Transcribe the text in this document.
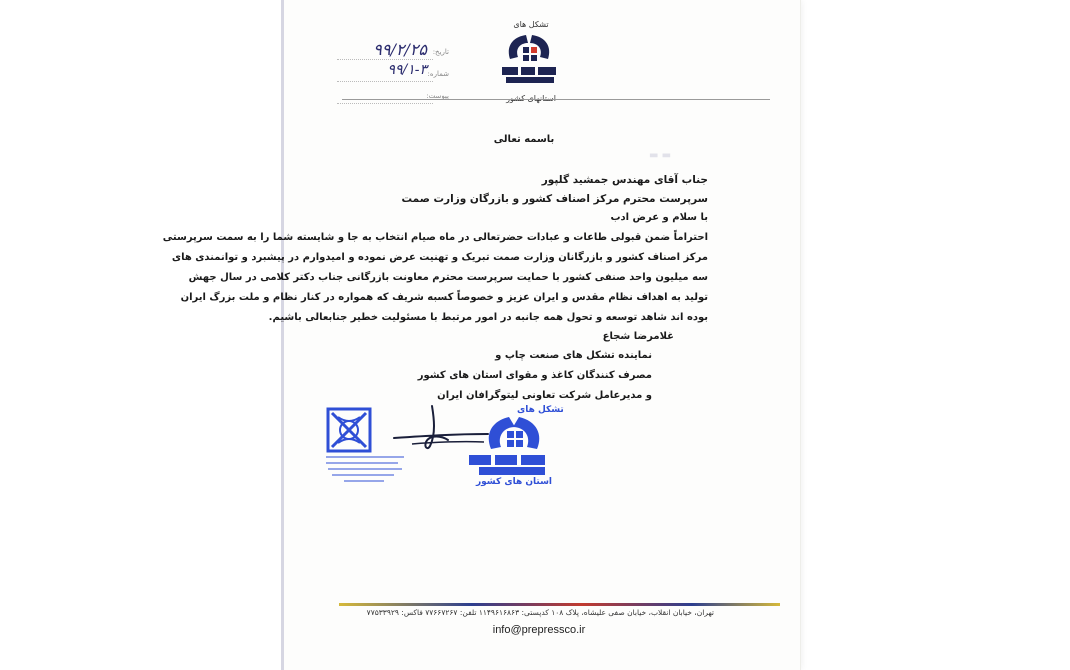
تشکل های
استانهای کشور
تاریخ:
۹۹/۲/۲۵
شماره:
۹۹/۱-۳
پیوست:
باسمه تعالی
▬ ▬
جناب آقای مهندس جمشید گلپور
سرپرست محترم مرکز اصناف کشور و بازرگان وزارت صمت
با سلام و عرض ادب
احتراماً ضمن قبولی طاعات و عبادات حضرتعالی در ماه صیام انتخاب به جا و شایسته شما را به سمت سرپرستی
مرکز اصناف کشور و بازرگانان وزارت صمت تبریک و تهنیت عرض نموده و امیدوارم در پیشبرد و توانمندی های
سه میلیون واحد صنفی کشور با حمایت سرپرست محترم معاونت بازرگانی جناب دکتر کلامی در سال جهش
تولید به اهداف نظام مقدس و ایران عزیز و خصوصاً کسبه شریف که همواره در کنار نظام و ملت بزرگ ایران
بوده اند شاهد توسعه و تحول همه جانبه در امور مرتبط با مسئولیت خطیر جنابعالی باشیم.
غلامرضا شجاع
نماینده تشکل های صنعت چاپ و
مصرف کنندگان کاغذ و مقوای استان های کشور
و مدیرعامل شرکت تعاونی لیتوگرافان ایران
تشکل های
استان های کشور
تهران، خیابان انقلاب، خیابان صفی علیشاه، پلاک ۱۰۸ کدپستی: ۱۱۴۹۶۱۶۸۶۳ تلفن: ۷۷۶۶۷۲۶۷ فاکس: ۷۷۵۳۳۹۲۹
info@prepressco.ir
